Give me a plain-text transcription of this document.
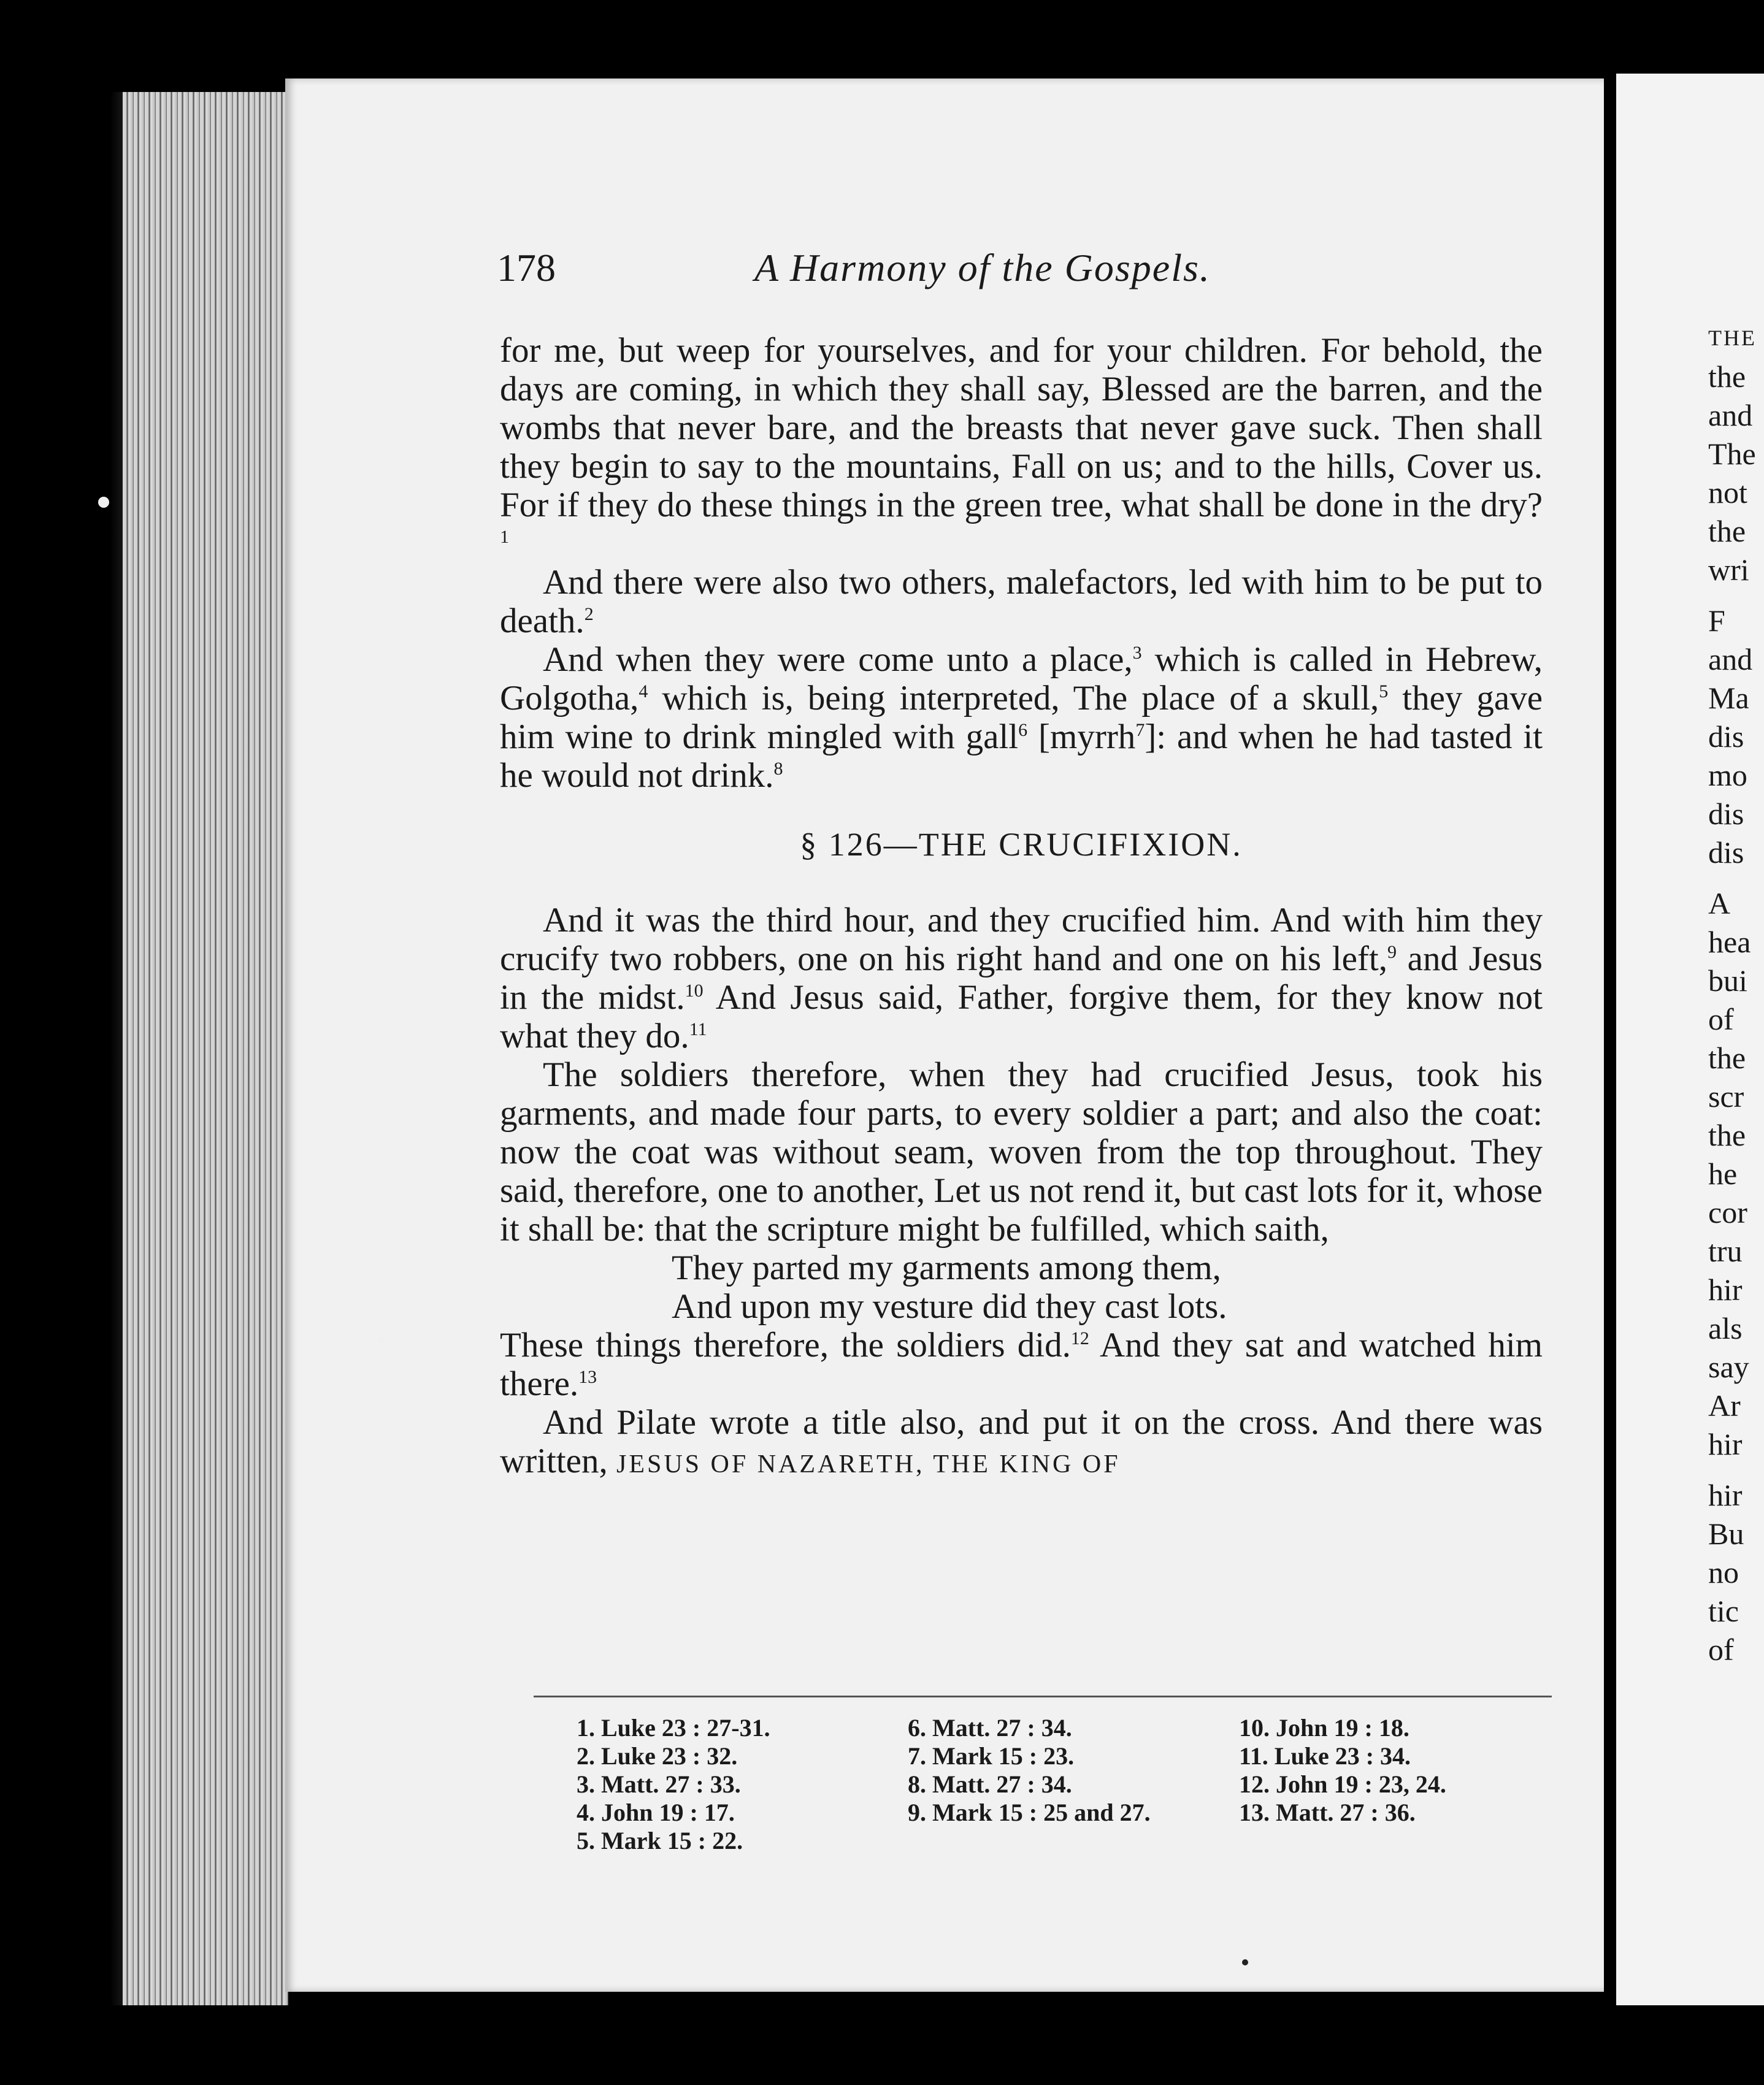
THE
the
and
The
not
the
wri
F
and
Ma
dis
mo
dis
dis
A
hea
bui
of
the
scr
the
he
cor
tru
hir
als
say
Ar
hir
hir
Bu
no
tic
of
178	A Harmony of the Gospels.

for me, but weep for yourselves, and for your children. For behold, the days are coming, in which they shall say, Blessed are the barren, and the wombs that never bare, and the breasts that never gave suck. Then shall they begin to say to the mountains, Fall on us; and to the hills, Cover us. For if they do these things in the green tree, what shall be done in the dry?$^1$

And there were also two others, malefactors, led with him to be put to death.$^2$

And when they were come unto a place,$^3$ which is called in Hebrew, Golgotha,$^4$ which is, being interpreted, The place of a skull,$^5$ they gave him wine to drink mingled with gall$^6$ [myrrh$^7$]: and when he had tasted it he would not drink.$^8$

§ 126—THE CRUCIFIXION.

And it was the third hour, and they crucified him. And with him they crucify two robbers, one on his right hand and one on his left,$^9$ and Jesus in the midst.$^{10}$ And Jesus said, Father, forgive them, for they know not what they do.$^{11}$

The soldiers therefore, when they had crucified Jesus, took his garments, and made four parts, to every soldier a part; and also the coat: now the coat was without seam, woven from the top throughout. They said, therefore, one to another, Let us not rend it, but cast lots for it, whose it shall be: that the scripture might be fulfilled, which saith,

They parted my garments among them,

And upon my vesture did they cast lots.

These things therefore, the soldiers did.$^{12}$ And they sat and watched him there.$^{13}$

And Pilate wrote a title also, and put it on the cross. And there was written, JESUS OF NAZARETH, THE KING OF

1. Luke 23 : 27-31.
2. Luke 23 : 32.
3. Matt. 27 : 33.
4. John 19 : 17.
5. Mark 15 : 22.
6. Matt. 27 : 34.
7. Mark 15 : 23.
8. Matt. 27 : 34.
9. Mark 15 : 25 and 27.
10. John 19 : 18.
11. Luke 23 : 34.
12. John 19 : 23, 24.
13. Matt. 27 : 36.
